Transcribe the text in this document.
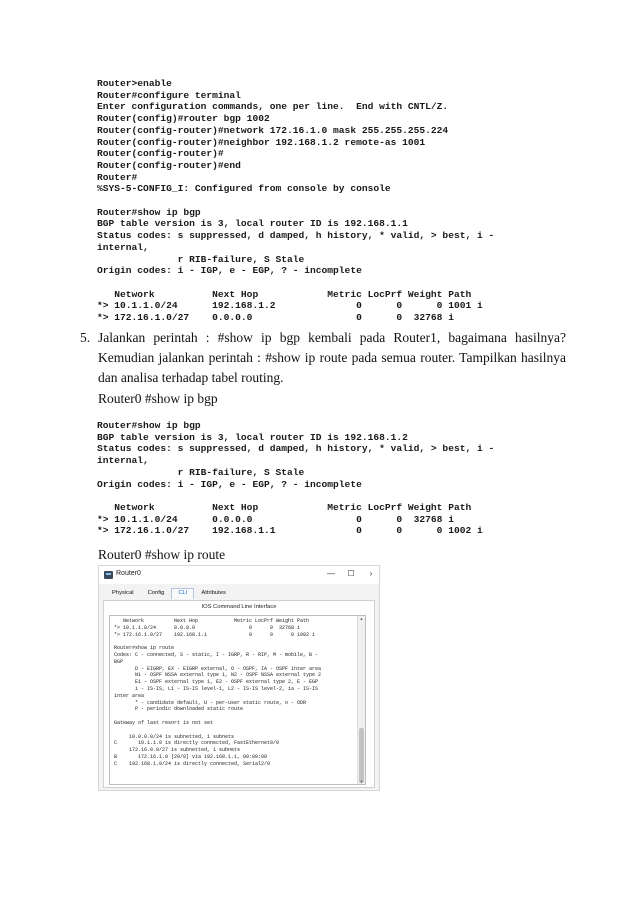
Router>enable
Router#configure terminal
Enter configuration commands, one per line.  End with CNTL/Z.
Router(config)#router bgp 1002
Router(config-router)#network 172.16.1.0 mask 255.255.255.224
Router(config-router)#neighbor 192.168.1.2 remote-as 1001
Router(config-router)#
Router(config-router)#end
Router#
%SYS-5-CONFIG_I: Configured from console by console

Router#show ip bgp
BGP table version is 3, local router ID is 192.168.1.1
Status codes: s suppressed, d damped, h history, * valid, > best, i -
internal,
r RIB-failure, S Stale
Origin codes: i - IGP, e - EGP, ? - incomplete

Network          Next Hop            Metric LocPrf Weight Path
*> 10.1.1.0/24      192.168.1.2              0      0      0 1001 i
*> 172.16.1.0/27    0.0.0.0                  0      0  32768 i
5. Jalankan perintah : #show ip bgp kembali pada Router1, bagaimana hasilnya? Kemudian jalankan perintah : #show ip route pada semua router. Tampilkan hasilnya dan analisa terhadap tabel routing.

Router0 #show ip bgp

Router#show ip bgp
BGP table version is 3, local router ID is 192.168.1.2
Status codes: s suppressed, d damped, h history, * valid, > best, i -
internal,
r RIB-failure, S Stale
Origin codes: i - IGP, e - EGP, ? - incomplete

Network          Next Hop            Metric LocPrf Weight Path
*> 10.1.1.0/24      0.0.0.0                  0      0  32768 i
*> 172.16.1.0/27    192.168.1.1              0      0      0 1002 i

Router0 #show ip route

Router0	—	☐	›
Physical	Config	CLI	Attributes
IOS Command Line Interface
Network          Next Hop            Metric LocPrf Weight Path
*> 10.1.1.0/24      0.0.0.0                  0      0  32768 i
*> 172.16.1.0/27    192.168.1.1              0      0      0 1002 i

Router#show ip route
Codes: C - connected, S - static, I - IGRP, R - RIP, M - mobile, B -
BGP
D - EIGRP, EX - EIGRP external, O - OSPF, IA - OSPF inter area
N1 - OSPF NSSA external type 1, N2 - OSPF NSSA external type 2
E1 - OSPF external type 1, E2 - OSPF external type 2, E - EGP
i - IS-IS, L1 - IS-IS level-1, L2 - IS-IS level-2, ia - IS-IS
inter area
* - candidate default, U - per-user static route, o - ODR
P - periodic downloaded static route

Gateway of last resort is not set

10.0.0.0/24 is subnetted, 1 subnets
C       10.1.1.0 is directly connected, FastEthernet0/0
172.16.0.0/27 is subnetted, 1 subnets
B       172.16.1.0 [20/0] via 192.168.1.1, 00:00:00
C    192.168.1.0/24 is directly connected, Serial2/0
▲
▼
